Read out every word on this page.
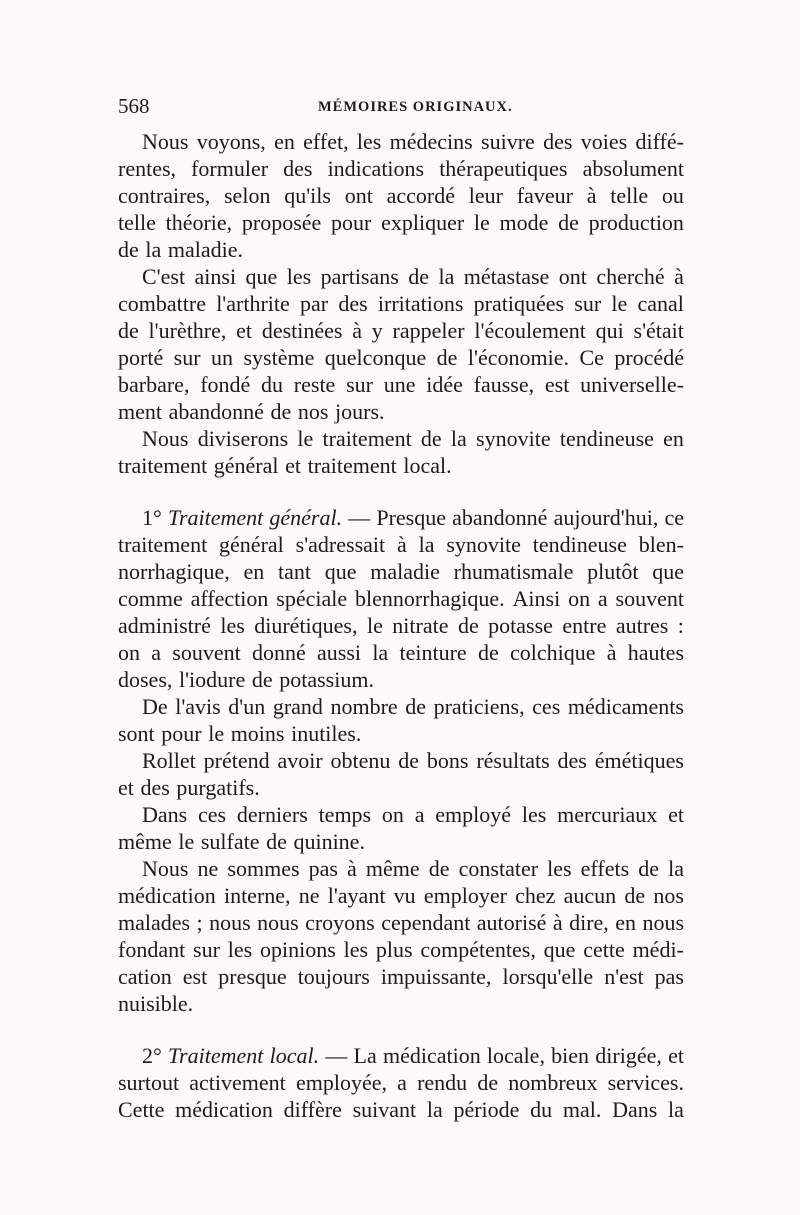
568	MÉMOIRES ORIGINAUX.
Nous voyons, en effet, les médecins suivre des voies diffé-
rentes, formuler des indications thérapeutiques absolument
contraires, selon qu'ils ont accordé leur faveur à telle ou
telle théorie, proposée pour expliquer le mode de production
de la maladie.
C'est ainsi que les partisans de la métastase ont cherché à
combattre l'arthrite par des irritations pratiquées sur le canal
de l'urèthre, et destinées à y rappeler l'écoulement qui s'était
porté sur un système quelconque de l'économie. Ce procédé
barbare, fondé du reste sur une idée fausse, est universelle-
ment abandonné de nos jours.
Nous diviserons le traitement de la synovite tendineuse en
traitement général et traitement local.
1° Traitement général. — Presque abandonné aujourd'hui, ce
traitement général s'adressait à la synovite tendineuse blen-
norrhagique, en tant que maladie rhumatismale plutôt que
comme affection spéciale blennorrhagique. Ainsi on a souvent
administré les diurétiques, le nitrate de potasse entre autres :
on a souvent donné aussi la teinture de colchique à hautes
doses, l'iodure de potassium.
De l'avis d'un grand nombre de praticiens, ces médicaments
sont pour le moins inutiles.
Rollet prétend avoir obtenu de bons résultats des émétiques
et des purgatifs.
Dans ces derniers temps on a employé les mercuriaux et
même le sulfate de quinine.
Nous ne sommes pas à même de constater les effets de la
médication interne, ne l'ayant vu employer chez aucun de nos
malades ; nous nous croyons cependant autorisé à dire, en nous
fondant sur les opinions les plus compétentes, que cette médi-
cation est presque toujours impuissante, lorsqu'elle n'est pas
nuisible.
2° Traitement local. — La médication locale, bien dirigée, et
surtout activement employée, a rendu de nombreux services.
Cette médication diffère suivant la période du mal. Dans la
